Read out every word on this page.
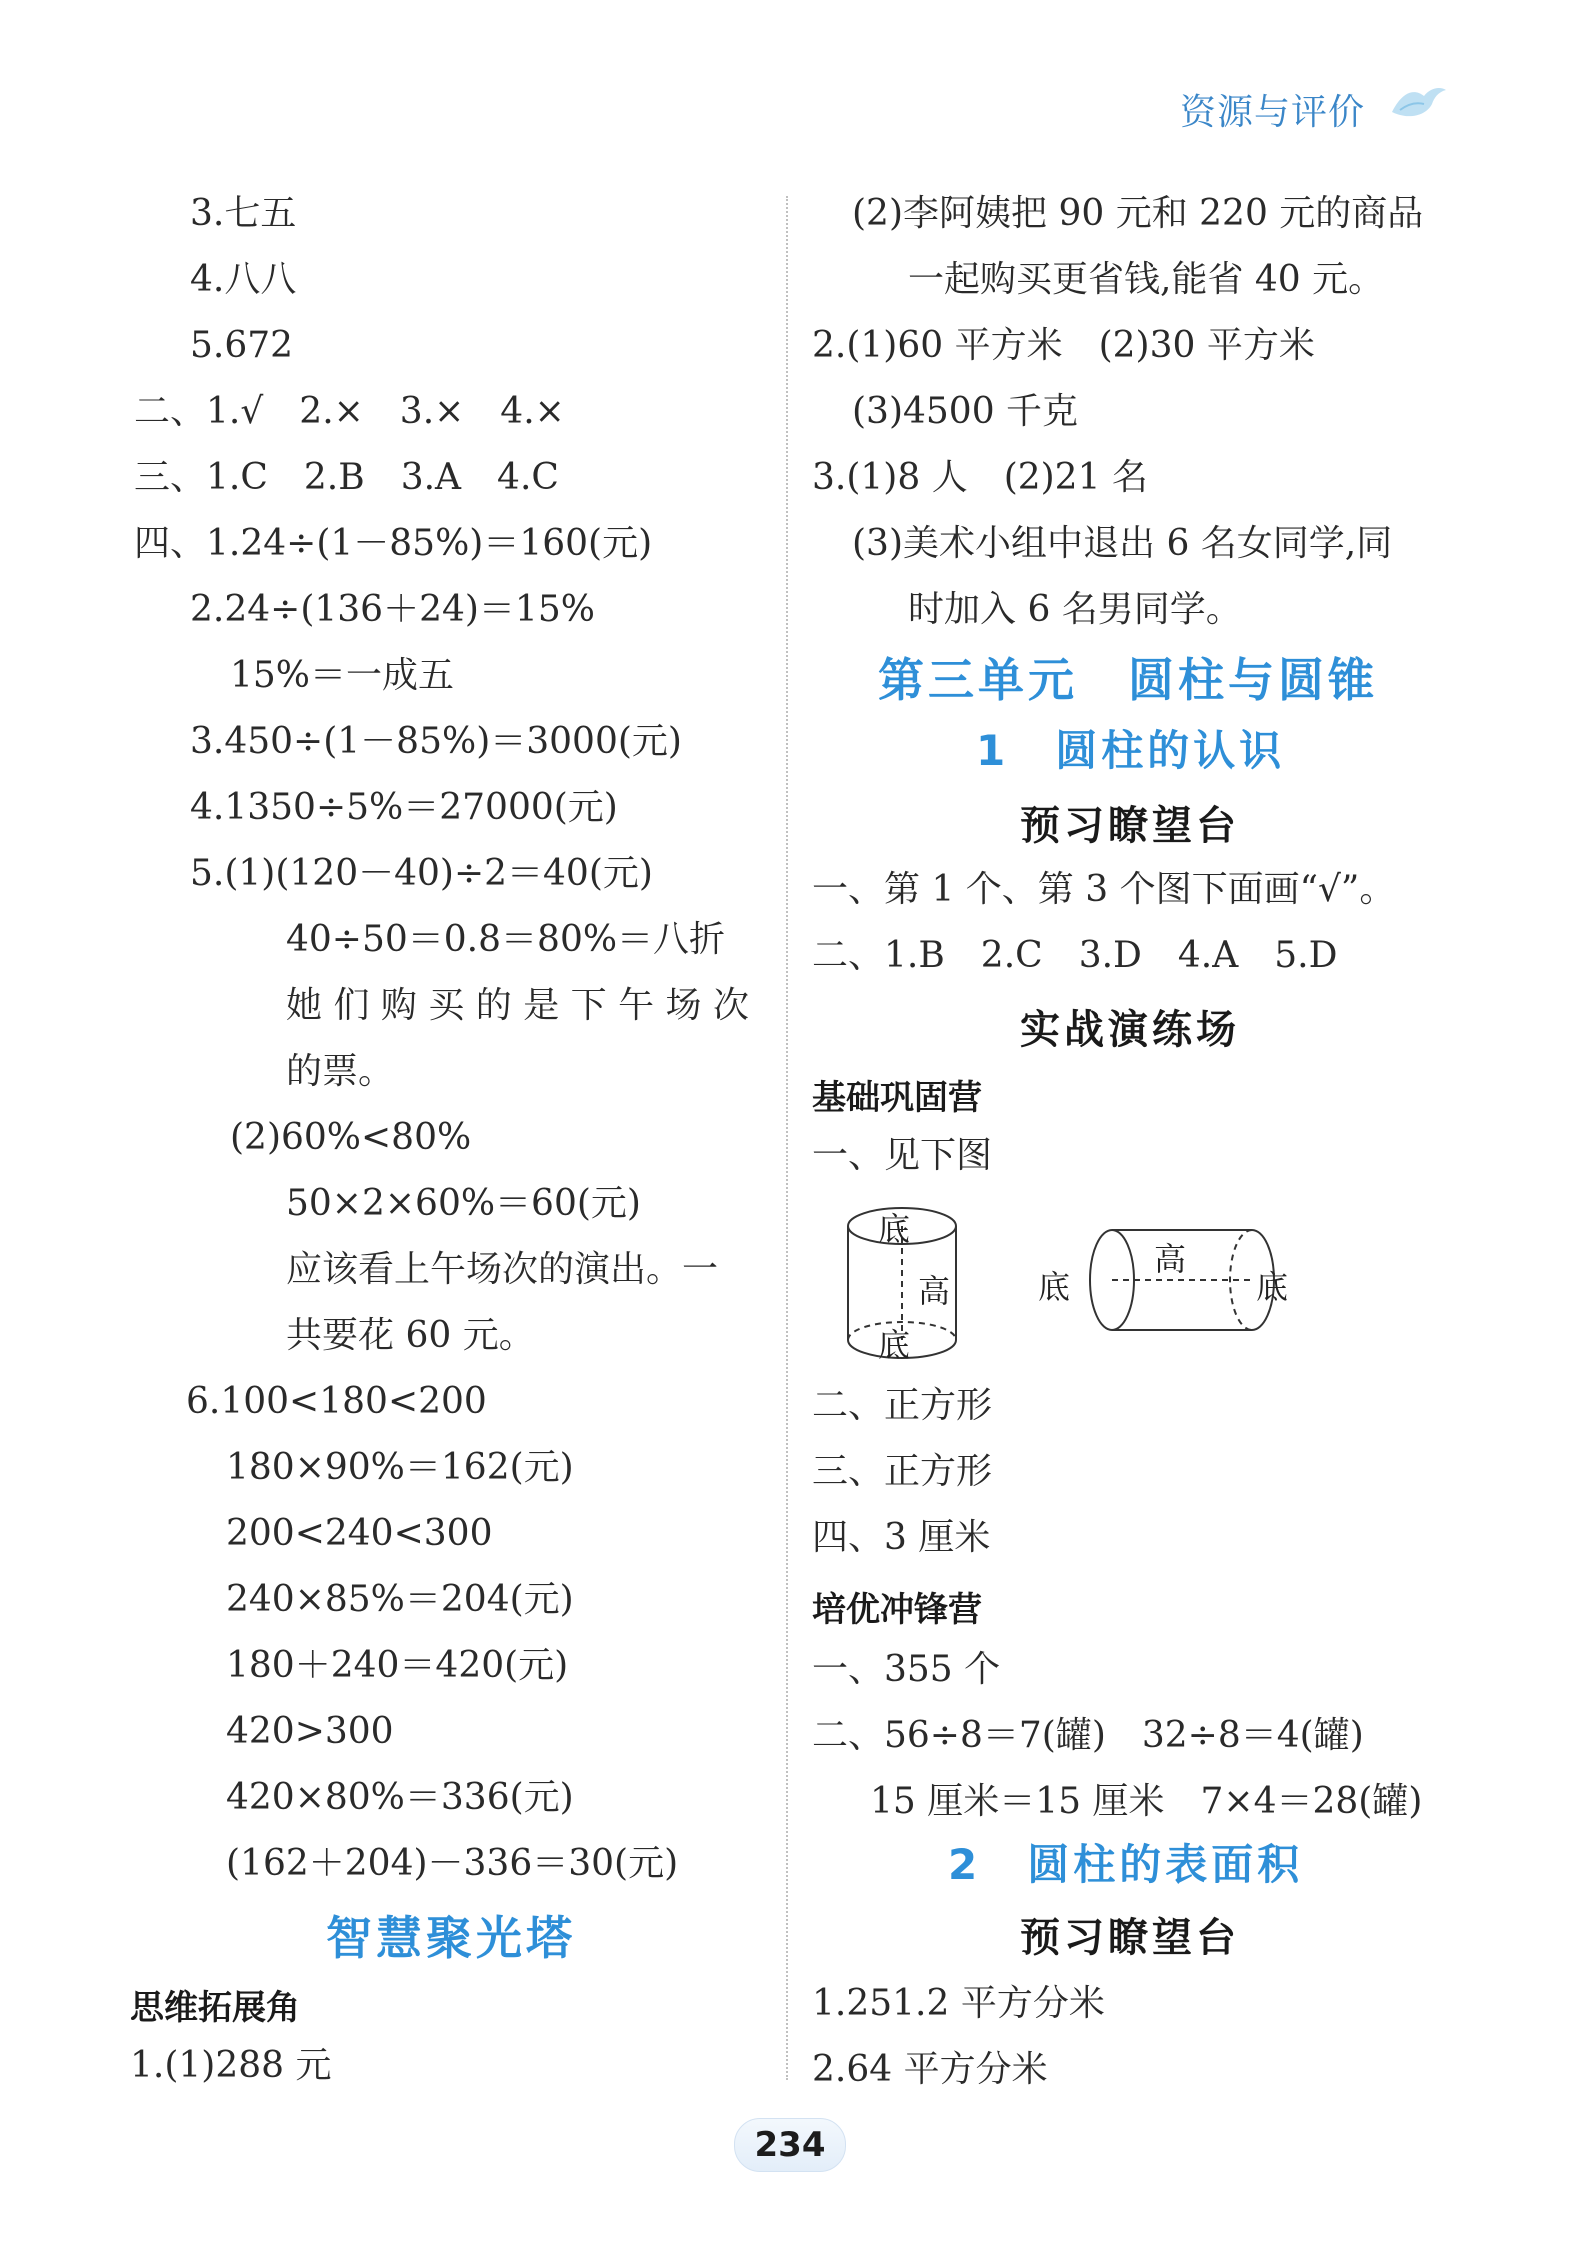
资源与评价
3.七五
4.八八
5.672
二、1.√　2.×　3.×　4.×
三、1.C　2.B　3.A　4.C
四、1.24÷(1－85%)＝160(元)
2.24÷(136＋24)＝15%
15%＝一成五
3.450÷(1－85%)＝3000(元)
4.1350÷5%＝27000(元)
5.(1)(120－40)÷2＝40(元)
40÷50＝0.8＝80%＝八折
她 们 购 买 的 是 下 午 场 次
的票。
(2)60%<80%
50×2×60%＝60(元)
应该看上午场次的演出。一
共要花 60 元。
6.100<180<200
180×90%＝162(元)
200<240<300
240×85%＝204(元)
180＋240＝420(元)
420>300
420×80%＝336(元)
(162＋204)－336＝30(元)
智慧聚光塔
思维拓展角
1.(1)288 元
(2)李阿姨把 90 元和 220 元的商品
一起购买更省钱,能省 40 元。
2.(1)60 平方米　(2)30 平方米
(3)4500 千克
3.(1)8 人　(2)21 名
(3)美术小组中退出 6 名女同学,同
时加入 6 名男同学。
第三单元　圆柱与圆锥
1　圆柱的认识
预习瞭望台
一、第 1 个、第 3 个图下面画“√”。
二、1.B　2.C　3.D　4.A　5.D
实战演练场
基础巩固营
一、见下图
底
高
底
底
高
底
二、正方形
三、正方形
四、3 厘米
培优冲锋营
一、355 个
二、56÷8＝7(罐)　32÷8＝4(罐)
15 厘米＝15 厘米　7×4＝28(罐)
2　圆柱的表面积
预习瞭望台
1.251.2 平方分米
2.64 平方分米
234
